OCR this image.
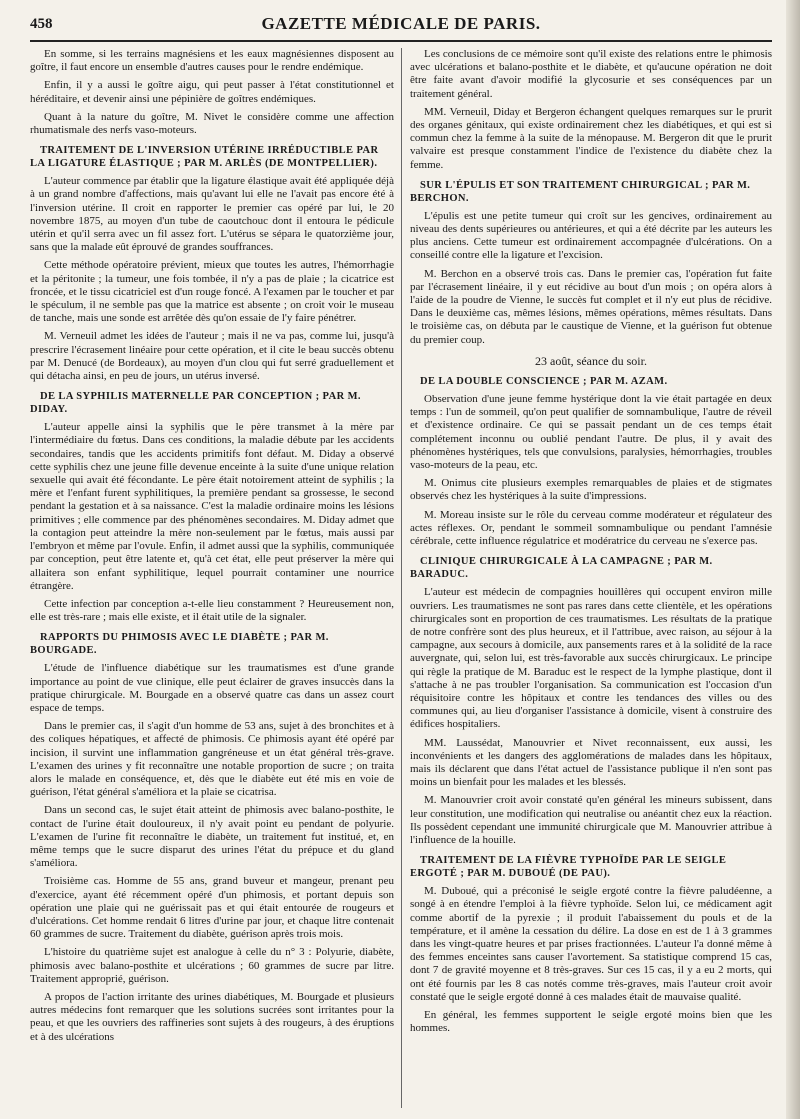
458	GAZETTE MÉDICALE DE PARIS.

En somme, si les terrains magnésiens et les eaux magnésiennes disposent au goître, il faut encore un ensemble d'autres causes pour le rendre endémique.

Enfin, il y a aussi le goître aigu, qui peut passer à l'état constitutionnel et héréditaire, et devenir ainsi une pépinière de goîtres endémiques.

Quant à la nature du goître, M. Nivet le considère comme une affection rhumatismale des nerfs vaso-moteurs.

TRAITEMENT DE L'INVERSION UTÉRINE IRRÉDUCTIBLE PAR LA LIGATURE ÉLASTIQUE ; PAR M. ARLÈS (DE MONTPELLIER).

L'auteur commence par établir que la ligature élastique avait été appliquée déjà à un grand nombre d'affections, mais qu'avant lui elle ne l'avait pas encore été à l'inversion utérine. Il croit en rapporter le premier cas opéré par lui, le 20 novembre 1875, au moyen d'un tube de caoutchouc dont il entoura le pédicule utérin et qu'il serra avec un fil assez fort. L'utérus se sépara le quatorzième jour, sans que la malade eût éprouvé de grandes souffrances.

Cette méthode opératoire prévient, mieux que toutes les autres, l'hémorrhagie et la péritonite ; la tumeur, une fois tombée, il n'y a pas de plaie ; la cicatrice est froncée, et le tissu cicatriciel est d'un rouge foncé. A l'examen par le toucher et par le spéculum, il ne semble pas que la matrice est absente ; on croit voir le museau de tanche, mais une sonde est arrêtée dès qu'on essaie de l'y faire pénétrer.

M. Verneuil admet les idées de l'auteur ; mais il ne va pas, comme lui, jusqu'à prescrire l'écrasement linéaire pour cette opération, et il cite le beau succès obtenu par M. Denucé (de Bordeaux), au moyen d'un clou qui fut serré graduellement et qui détacha ainsi, en peu de jours, un utérus inversé.

DE LA SYPHILIS MATERNELLE PAR CONCEPTION ; PAR M. DIDAY.

L'auteur appelle ainsi la syphilis que le père transmet à la mère par l'intermédiaire du fœtus. Dans ces conditions, la maladie débute par les accidents secondaires, tandis que les accidents primitifs font défaut. M. Diday a observé cette syphilis chez une jeune fille devenue enceinte à la suite d'une unique relation sexuelle qui avait été fécondante. Le père était notoirement atteint de syphilis ; la mère et l'enfant furent syphilitiques, la première pendant sa grossesse, le second pendant la gestation et à sa naissance. C'est la maladie ordinaire moins les lésions primitives ; elle commence par des phénomènes secondaires. M. Diday admet que la contagion peut atteindre la mère non-seulement par le fœtus, mais aussi par l'embryon et même par l'ovule. Enfin, il admet aussi que la syphilis, communiquée par conception, peut être latente et, qu'à cet état, elle peut préserver la mère qui allaitera son enfant syphilitique, lequel pourrait contaminer une nourrice étrangère.

Cette infection par conception a-t-elle lieu constamment ? Heureusement non, elle est très-rare ; mais elle existe, et il était utile de la signaler.

RAPPORTS DU PHIMOSIS AVEC LE DIABÈTE ; PAR M. BOURGADE.

L'étude de l'influence diabétique sur les traumatismes est d'une grande importance au point de vue clinique, elle peut éclairer de graves insuccès dans la pratique chirurgicale. M. Bourgade en a observé quatre cas dans un assez court espace de temps.

Dans le premier cas, il s'agit d'un homme de 53 ans, sujet à des bronchites et à des coliques hépatiques, et affecté de phimosis. Ce phimosis ayant été opéré par incision, il survint une inflammation gangréneuse et un état général très-grave. L'examen des urines y fit reconnaître une notable proportion de sucre ; on traita alors le malade en conséquence, et, dès que le diabète eut été mis en voie de guérison, l'état général s'améliora et la plaie se cicatrisa.

Dans un second cas, le sujet était atteint de phimosis avec balano-posthite, le contact de l'urine était douloureux, il n'y avait point eu pendant de polyurie. L'examen de l'urine fit reconnaître le diabète, un traitement fut institué, et, en même temps que le sucre disparut des urines l'état du prépuce et du gland s'améliora.

Troisième cas. Homme de 55 ans, grand buveur et mangeur, prenant peu d'exercice, ayant été récemment opéré d'un phimosis, et portant depuis son opération une plaie qui ne guérissait pas et qui était entourée de rougeurs et d'ulcérations. Cet homme rendait 6 litres d'urine par jour, et chaque litre contenait 60 grammes de sucre. Traitement du diabète, guérison après trois mois.

L'histoire du quatrième sujet est analogue à celle du n° 3 : Polyurie, diabète, phimosis avec balano-posthite et ulcérations ; 60 grammes de sucre par litre. Traitement approprié, guérison.

A propos de l'action irritante des urines diabétiques, M. Bourgade et plusieurs autres médecins font remarquer que les solutions sucrées sont irritantes pour la peau, et que les ouvriers des raffineries sont sujets à des rougeurs, à des éruptions et à des ulcérations

Les conclusions de ce mémoire sont qu'il existe des relations entre le phimosis avec ulcérations et balano-posthite et le diabète, et qu'aucune opération ne doit être faite avant d'avoir modifié la glycosurie et ses conséquences par un traitement général.

MM. Verneuil, Diday et Bergeron échangent quelques remarques sur le prurit des organes génitaux, qui existe ordinairement chez les diabétiques, et qui est si commun chez la femme à la suite de la ménopause. M. Bergeron dit que le prurit valvaire est presque constamment l'indice de l'existence du diabète chez la femme.

SUR L'ÉPULIS ET SON TRAITEMENT CHIRURGICAL ; PAR M. BERCHON.

L'épulis est une petite tumeur qui croît sur les gencives, ordinairement au niveau des dents supérieures ou antérieures, et qui a été décrite par les auteurs les plus anciens. Cette tumeur est ordinairement accompagnée d'ulcérations. On a conseillé contre elle la ligature et l'excision.

M. Berchon en a observé trois cas. Dans le premier cas, l'opération fut faite par l'écrasement linéaire, il y eut récidive au bout d'un mois ; on opéra alors à l'aide de la poudre de Vienne, le succès fut complet et il n'y eut plus de récidive. Dans le deuxième cas, mêmes lésions, mêmes opérations, mêmes résultats. Dans le troisième cas, on débuta par le caustique de Vienne, et la guérison fut obtenue du premier coup.

23 août, séance du soir.
DE LA DOUBLE CONSCIENCE ; PAR M. AZAM.

Observation d'une jeune femme hystérique dont la vie était partagée en deux temps : l'un de sommeil, qu'on peut qualifier de somnambulique, l'autre de réveil et d'existence ordinaire. Ce qui se passait pendant un de ces temps était complétement inconnu ou oublié pendant l'autre. De plus, il y avait des phénomènes hystériques, tels que convulsions, paralysies, hémorrhagies, troubles vaso-moteurs de la peau, etc.

M. Onimus cite plusieurs exemples remarquables de plaies et de stigmates observés chez les hystériques à la suite d'impressions.

M. Moreau insiste sur le rôle du cerveau comme modérateur et régulateur des actes réflexes. Or, pendant le sommeil somnambulique ou pendant l'amnésie cérébrale, cette influence régulatrice et modératrice du cerveau ne s'exerce pas.

CLINIQUE CHIRURGICALE À LA CAMPAGNE ; PAR M. BARADUC.

L'auteur est médecin de compagnies houillères qui occupent environ mille ouvriers. Les traumatismes ne sont pas rares dans cette clientèle, et les opérations chirurgicales sont en proportion de ces traumatismes. Les résultats de la pratique de notre confrère sont des plus heureux, et il l'attribue, avec raison, au séjour à la campagne, aux secours à domicile, aux pansements rares et à la solidité de la race auvergnate, qui, selon lui, est très-favorable aux succès chirurgicaux. Le principe qui règle la pratique de M. Baraduc est le respect de la lymphe plastique, dont il s'attache à ne pas troubler l'organisation. Sa communication est l'occasion d'un réquisitoire contre les hôpitaux et contre les tendances des villes ou des communes qui, au lieu d'organiser l'assistance à domicile, visent à construire des édifices hospitaliers.

MM. Laussédat, Manouvrier et Nivet reconnaissent, eux aussi, les inconvénients et les dangers des agglomérations de malades dans les hôpitaux, mais ils déclarent que dans l'état actuel de l'assistance publique il n'en sont pas moins un bienfait pour les malades et les blessés.

M. Manouvrier croit avoir constaté qu'en général les mineurs subissent, dans leur constitution, une modification qui neutralise ou anéantit chez eux la réaction. Ils possèdent cependant une immunité chirurgicale que M. Manouvrier attribue à l'influence de la houille.

TRAITEMENT DE LA FIÈVRE TYPHOÏDE PAR LE SEIGLE ERGOTÉ ; PAR M. DUBOUÉ (DE PAU).

M. Duboué, qui a préconisé le seigle ergoté contre la fièvre paludéenne, a songé à en étendre l'emploi à la fièvre typhoïde. Selon lui, ce médicament agit comme abortif de la pyrexie ; il produit l'abaissement du pouls et de la température, et il amène la cessation du délire. La dose en est de 1 à 3 grammes dans les vingt-quatre heures et par prises fractionnées. L'auteur l'a donné même à des femmes enceintes sans causer l'avortement. Sa statistique comprend 15 cas, dont 7 de gravité moyenne et 8 très-graves. Sur ces 15 cas, il y a eu 2 morts, qui ont été fournis par les 8 cas notés comme très-graves, mais l'auteur croit avoir constaté que le seigle ergoté donné à ces malades était de mauvaise qualité.

En général, les femmes supportent le seigle ergoté moins bien que les hommes.
